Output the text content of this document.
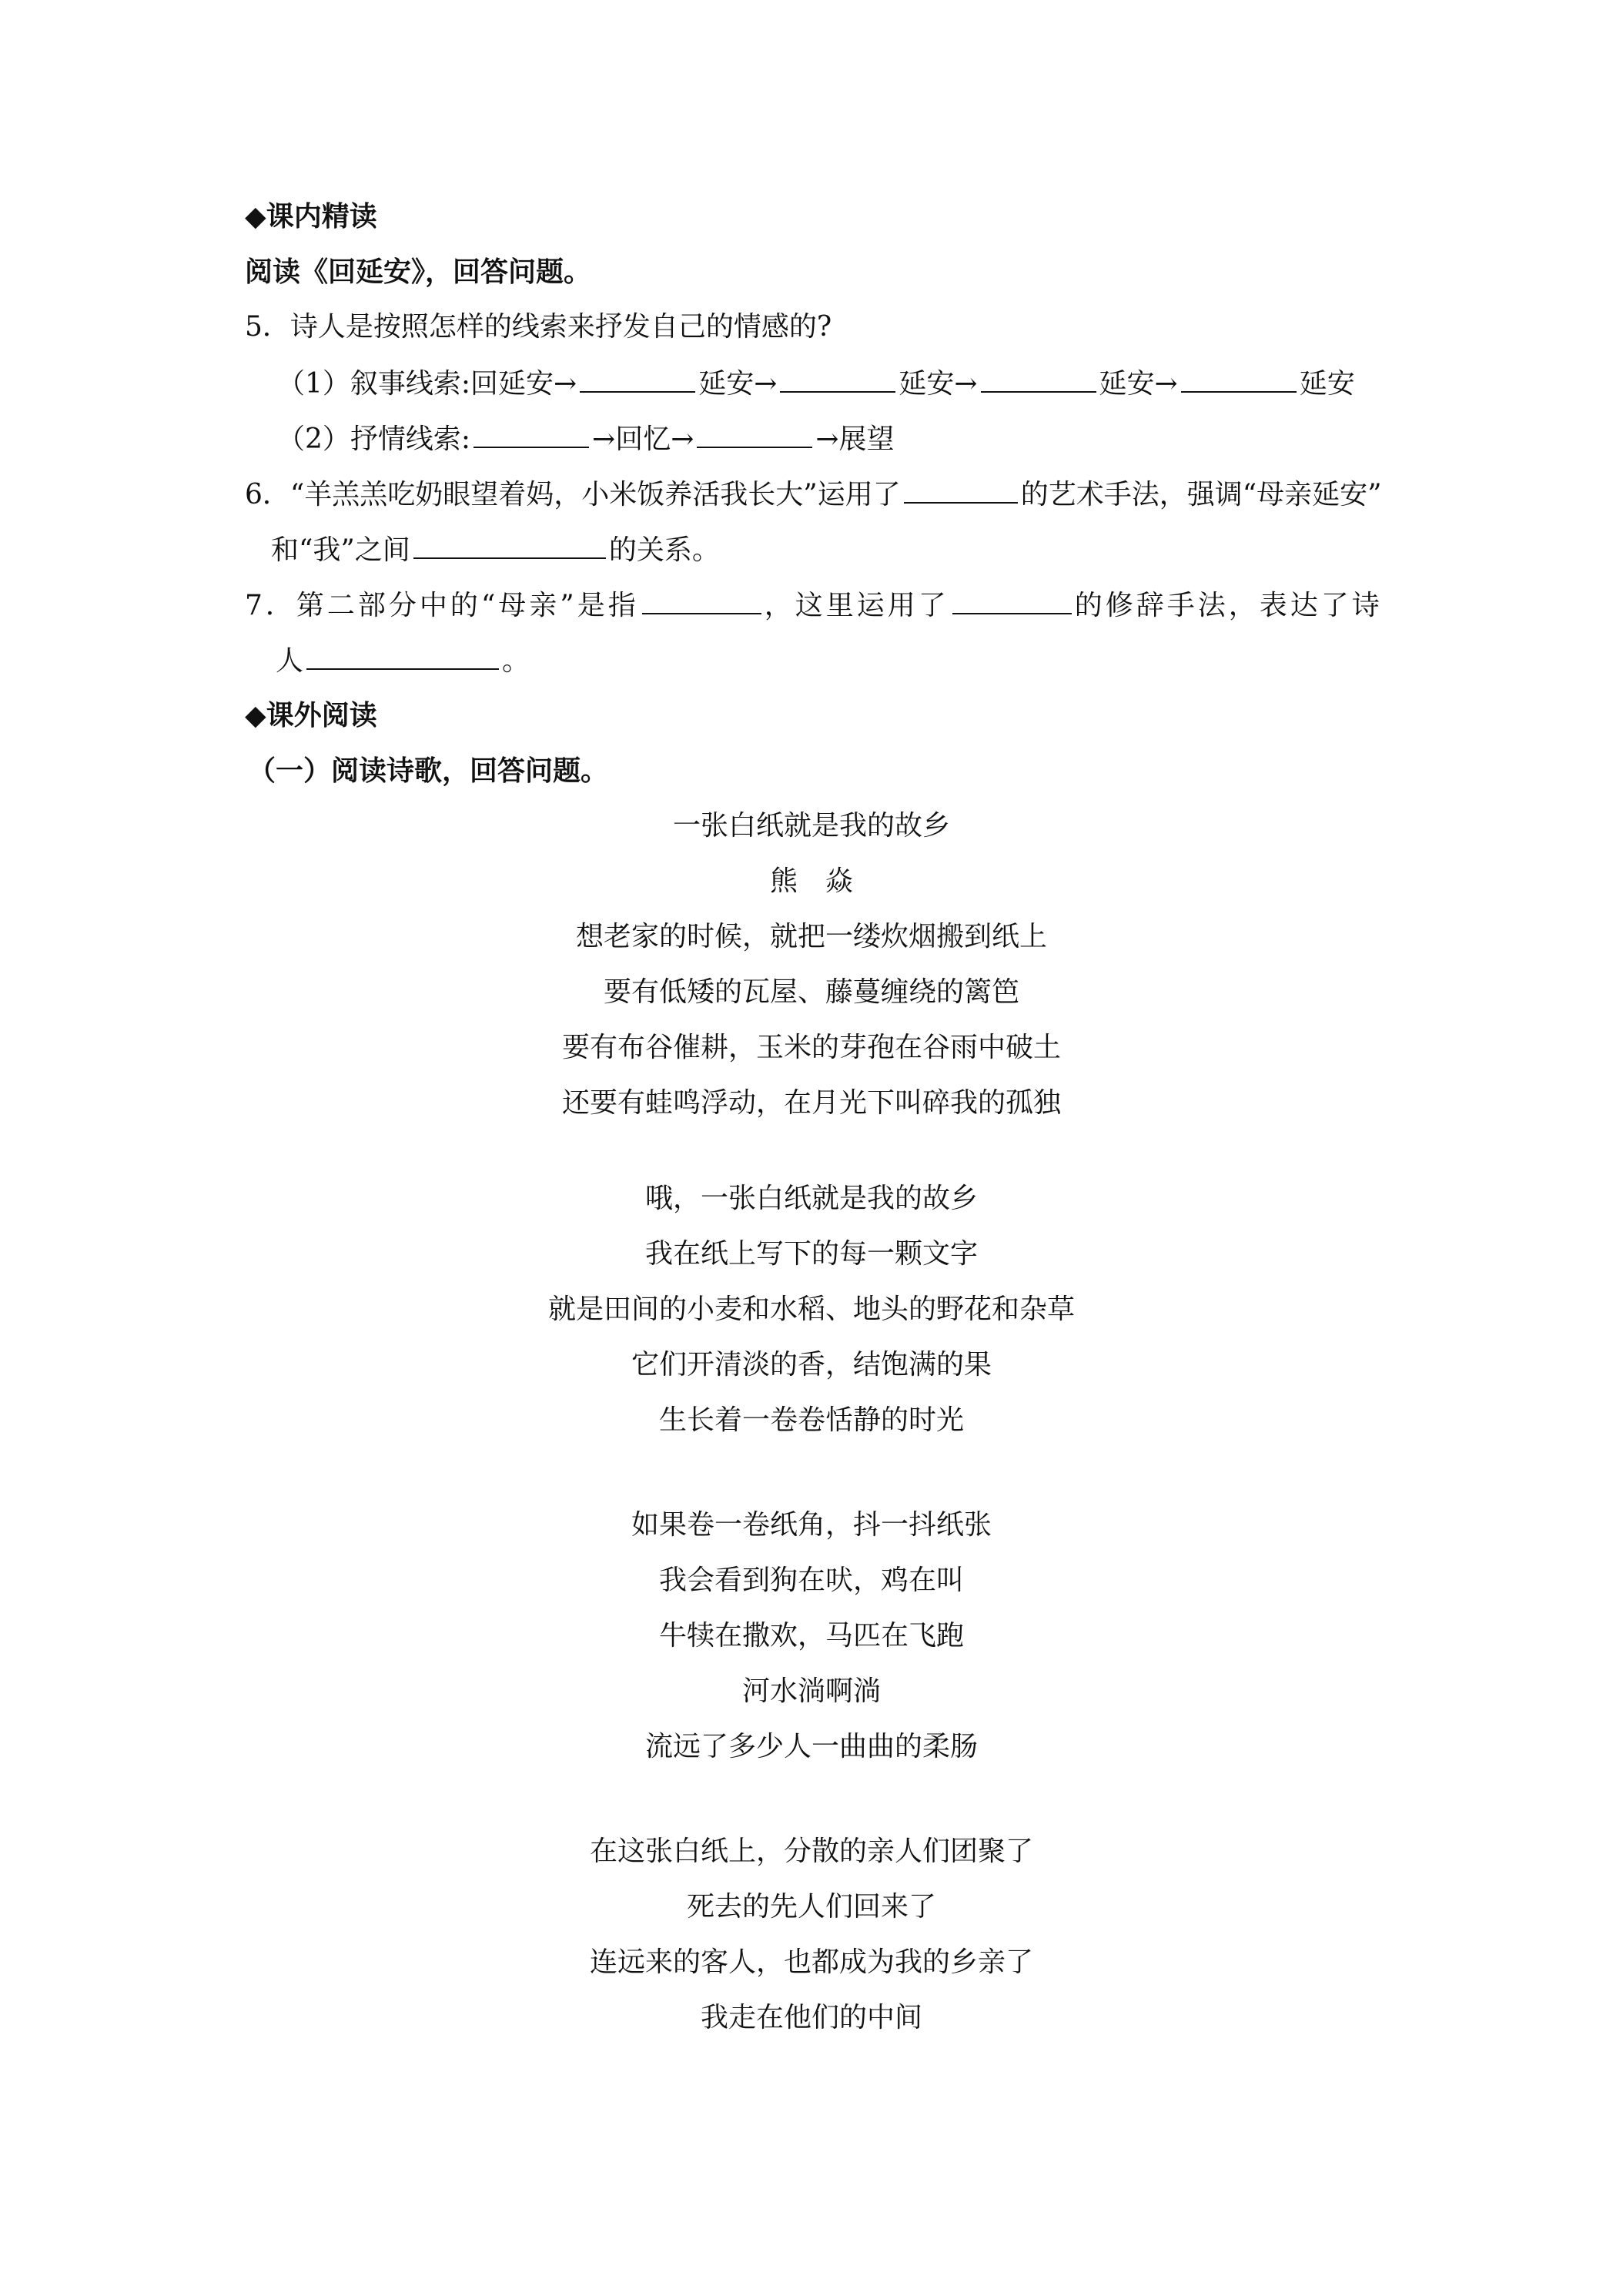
◆课内精读
阅读《回延安》，回答问题。
5．诗人是按照怎样的线索来抒发自己的情感的?
（1）叙事线索:回延安→	延安→	延安→	延安→	延安
（2）抒情线索:	→回忆→	→展望
6．“羊羔羔吃奶眼望着妈，小米饭养活我长大”运用了	的艺术手法，强调“母亲延安”
和“我”之间	的关系。
7．第二部分中的“母亲”是指	，这里运用了	的修辞手法，表达了诗
人	。
◆课外阅读
（一）阅读诗歌，回答问题。
一张白纸就是我的故乡
熊　焱
想老家的时候，就把一缕炊烟搬到纸上
要有低矮的瓦屋、藤蔓缠绕的篱笆
要有布谷催耕，玉米的芽孢在谷雨中破土
还要有蛙鸣浮动，在月光下叫碎我的孤独
哦，一张白纸就是我的故乡
我在纸上写下的每一颗文字
就是田间的小麦和水稻、地头的野花和杂草
它们开清淡的香，结饱满的果
生长着一卷卷恬静的时光
如果卷一卷纸角，抖一抖纸张
我会看到狗在吠，鸡在叫
牛犊在撒欢，马匹在飞跑
河水淌啊淌
流远了多少人一曲曲的柔肠
在这张白纸上，分散的亲人们团聚了
死去的先人们回来了
连远来的客人，也都成为我的乡亲了
我走在他们的中间
